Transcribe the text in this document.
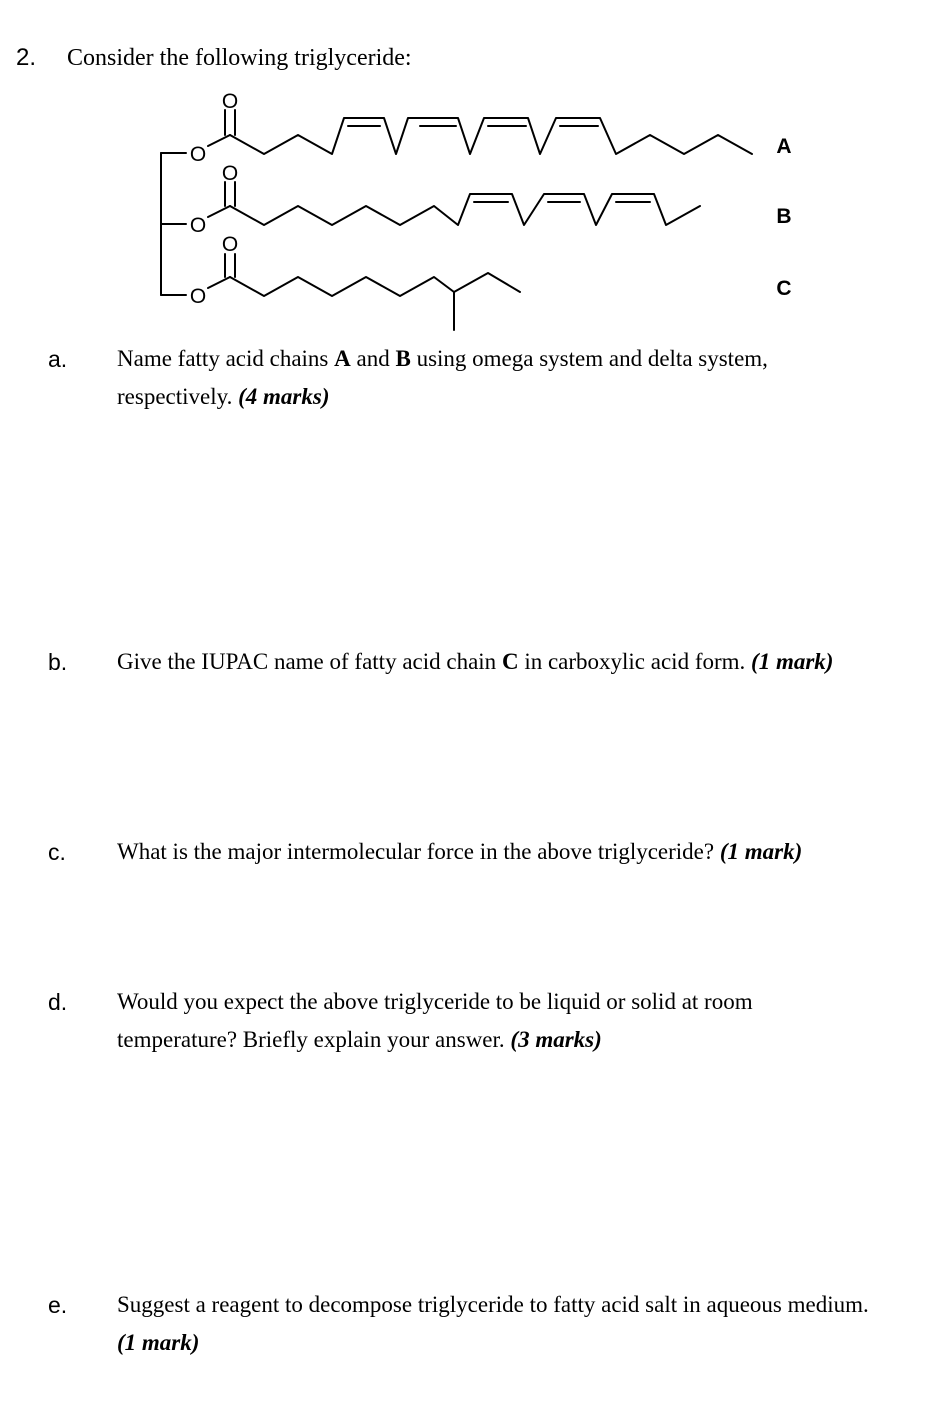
2. Consider the following triglyceride:
O
O
O
O
O
O
A
B
C
a. Name fatty acid chains A and B using omega system and delta system, respectively. (4 marks)
b. Give the IUPAC name of fatty acid chain C in carboxylic acid form. (1 mark)
c. What is the major intermolecular force in the above triglyceride? (1 mark)
d. Would you expect the above triglyceride to be liquid or solid at room temperature? Briefly explain your answer. (3 marks)
e. Suggest a reagent to decompose triglyceride to fatty acid salt in aqueous medium. (1 mark)
